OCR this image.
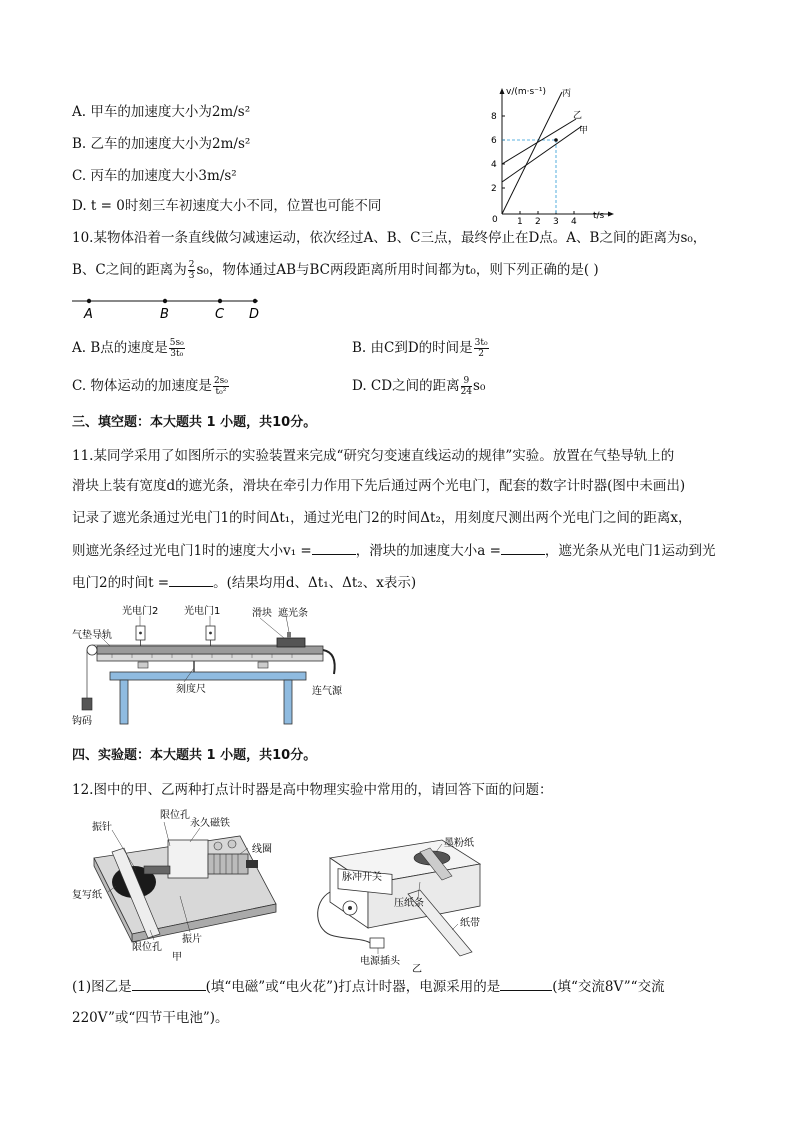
A. 甲车的加速度大小为2m/s²
B. 乙车的加速度大小为2m/s²
C. 丙车的加速度大小3m/s²
D. t = 0时刻三车初速度大小不同，位置也可能不同
v/(m·s⁻¹)
t/s
0
2
4
6
8
1 2 3 4
丙
乙
甲
10.某物体沿着一条直线做匀减速运动，依次经过A、B、C三点，最终停止在D点。A、B之间的距离为s₀，
B、C之间的距离为 $\frac{2}{3} s_0$，物体通过AB与BC两段距离所用时间都为t₀，则下列正确的是( )
A	B	C D
A. B点的速度是 $\frac{\text{5s₀}}{\text{3t₀}}$	B. 由C到D的时间是 $\frac{\text{3t₀}}{2}$
C. 物体运动的加速度是 $\frac{\text{2s₀}}{\text{t₀²}}$	D. CD之间的距离 $\frac{9}{24} s_0$
三、填空题：本大题共 1 小题，共10分。
11.某同学采用了如图所示的实验装置来完成“研究匀变速直线运动的规律”实验。放置在气垫导轨上的
滑块上装有宽度d的遮光条，滑块在牵引力作用下先后通过两个光电门，配套的数字计时器(图中未画出)
记录了遮光条通过光电门1的时间Δt₁，通过光电门2的时间Δt₂，用刻度尺测出两个光电门之间的距离x，
则遮光条经过光电门1时的速度大小v₁ =	，滑块的加速度大小a =	，遮光条从光电门1运动到光
电门2的时间t =	。(结果均用d、Δt₁、Δt₂、x表示)
光电门2	光电门1	滑块 遮光条
气垫导轨
连气源
刻度尺
钩码
四、实验题：本大题共 1 小题，共10分。
12.图中的甲、乙两种打点计时器是高中物理实验中常用的，请回答下面的问题：
限位孔
永久磁铁
振针
线圈
复写纸
限位孔
振片
甲
墨粉纸
脉冲开关
压纸条
纸带
电源插头
乙
(1)图乙是	(填“电磁”或“电火花”)打点计时器，电源采用的是	(填“交流8V”“交流
220V”或“四节干电池”)。
